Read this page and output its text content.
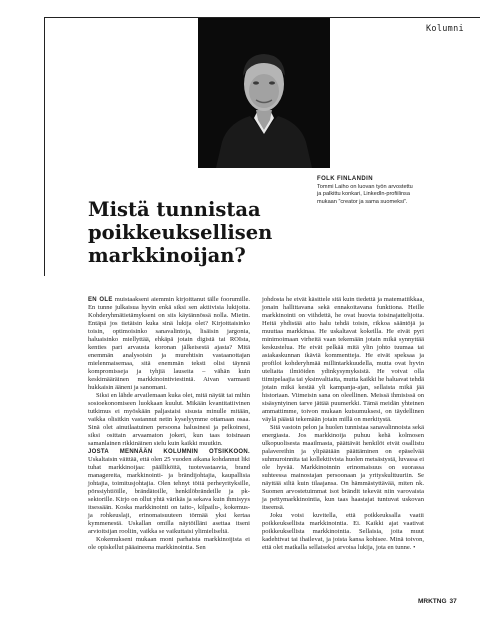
Kolumni
FOLK FINLANDIN
Tommi Laiho on luovan työn arvostettu ja palkittu konkari, LinkedIn-profiilinsa mukaan ”creator ja sama suomeksi”.
Mistä tunnistaa poikkeuksellisen markkinoijan?

EN OLE muistaakseni aiemmin kirjoittanut tälle foorumille. En tunne julkaisua hyvin enkä siksi sen aktiivisia lukijoita. Kohderyhmätietämykseni on siis käytännössä nolla. Mietin. Entäpä jos tietäisin kuka sinä lukija olet? Kirjoittaisinko toisin, optimoisinko sanavalintoja, lisäisin jargonia, haluaisinko miellyttää, ehkäpä jotain digistä tai ROIsta, kenties pari arvausta koronan jälkeisestä ajasta? Mitä enemmän analysoisin ja murehtisin vastaanottajan mielenmaisemaa, sitä enemmän teksti olisi täynnä kompromisseja ja tyhjiä lauseita – vähän kuin keskimääräinen markkinointiviestintä. Aivan varmasti hukkaisin ääneni ja sanomani.

Siksi en lähde arvailemaan kuka olet, mitä näytät tai mihin sosioekonomiseen luokkaan kuulut. Mikään kvantitatiivinen tutkimus ei myöskään paljastaisi sisusta minulle mitään, vaikka olisitkin vastannut netin kyselyymme ottamaan osaa. Sinä olet ainutlaatuinen persoona halusinesi ja pelkoinesi, siksi osittain arvaamaton jokeri, kun taas toisinaan samanlainen rikkinäinen sielu kuin kaikki muutkin.

JOSTA MENNÄÄN KOLUMNIN OTSIKKOON. Uskaltaisin väittää, että olen 25 vuoden aikana kohdannut liki tuhat markkinoijaa: päälliköitä, tuotevastaavia, brand managereita, markkinointi- ja brändijohtajia, kaupallisia johtajia, toimitusjohtajia. Olen tehnyt töitä perheyrityksille, pörssiyhtiöille, brändätoille, henkilöbrändeille ja pk-sektorille. Kirjo on ollut yhtä värikäs ja sekava kuin ihmisyys itsessään. Koska markkinointi on taito-, kilpailu-, kokemus- ja rohkeuslaji, erinomaisuuteen törmää yksi kertaa kymmenestä. Uskallan omilla näytöilläni asettaa itseni arvioitsijan rooliin, vaikka se vaikuttaisi ylimieliseltä.

Kokemukseni mukaan moni parhaista markkinoijista ei ole opiskellut pääaineena markkinointia. Sen

johdosta he eivät käsittele sitä kuin tiedettä ja matematiikkaa, jonain hallittavana sekä ennakoitavana funktiona. Heille markkinointi on viihdettä, he ovat huovia toisinajattelijoita. Heitä yhdistää aito halu tehdä toisin, rikkoa sääntöjä ja muuttaa markkinaa. He uskaltavat kokeilla. He eivät pyri minimoimaan virheitä vaan tekemään jotain mikä synnyttää keskustelua. He eivät pelkää mitä ylin johto tuumaa tai asiakaskunnan ikäviä kommentteja. He eivät speksaa ja profiloi kohderyhmää millintarkkuudella, mutta ovat hyvin uteliaita ilmiöiden ydinkysymyksistä. He voivat olla tiimipelaajia tai yksinvaltiaita, mutta kaikki he haluavat tehdä jotain mikä kestää yli kampanja-ajan, sellaista mikä jää historiaan. Viimeisin sana on oleellinen. Meissä ihmisissä on sisäsyntyinen tarve jättää puumerkki. Tämä meidän yhteinen ammattimme, toivon mukaan kutsumuksesi, on täydellinen väylä päästä tekemään jotain millä on merkitystä.

Sitä vastoin pelon ja huolen tunnistaa sanavalinnoista sekä energiasta. Jos markkinoija puhuu kehä kolmosen ulkopuolisesta maailmasta, päättävät henkilöt eivät osallistu palavereihin ja ylipäätään päättäminen on epäselvää suhmuroinnita tai kollektiivista huolen metsästystä, luvassa ei ole hyvää. Markkinoinnin erinomaisuus on suorassa suhteessa mainostajan persoonaan ja yrityskulttuuriin. Se näyttää siltä kuin tilaajansa. On hämmästyttävää, miten nk. Suomen arvostetuimmat isot brändit tekevät niin varovaista ja pettymarkkinointia, kun taas haastajat tuntuvat uskovan itseensä.

Joku voisi kuvitella, että poikkeuksalla vaatii poikkeuksellista markkinointia. Ei. Kaikki ajat vaativat poikkeuksellista markkinointia. Sellaisia, joita muut kadehtivat tai ihailevat, ja joista kansa kohisee. Minä toivon, että olet matkalla sellaiseksi arvoisa lukija, jota en tunne. •

MRKTNG 37
